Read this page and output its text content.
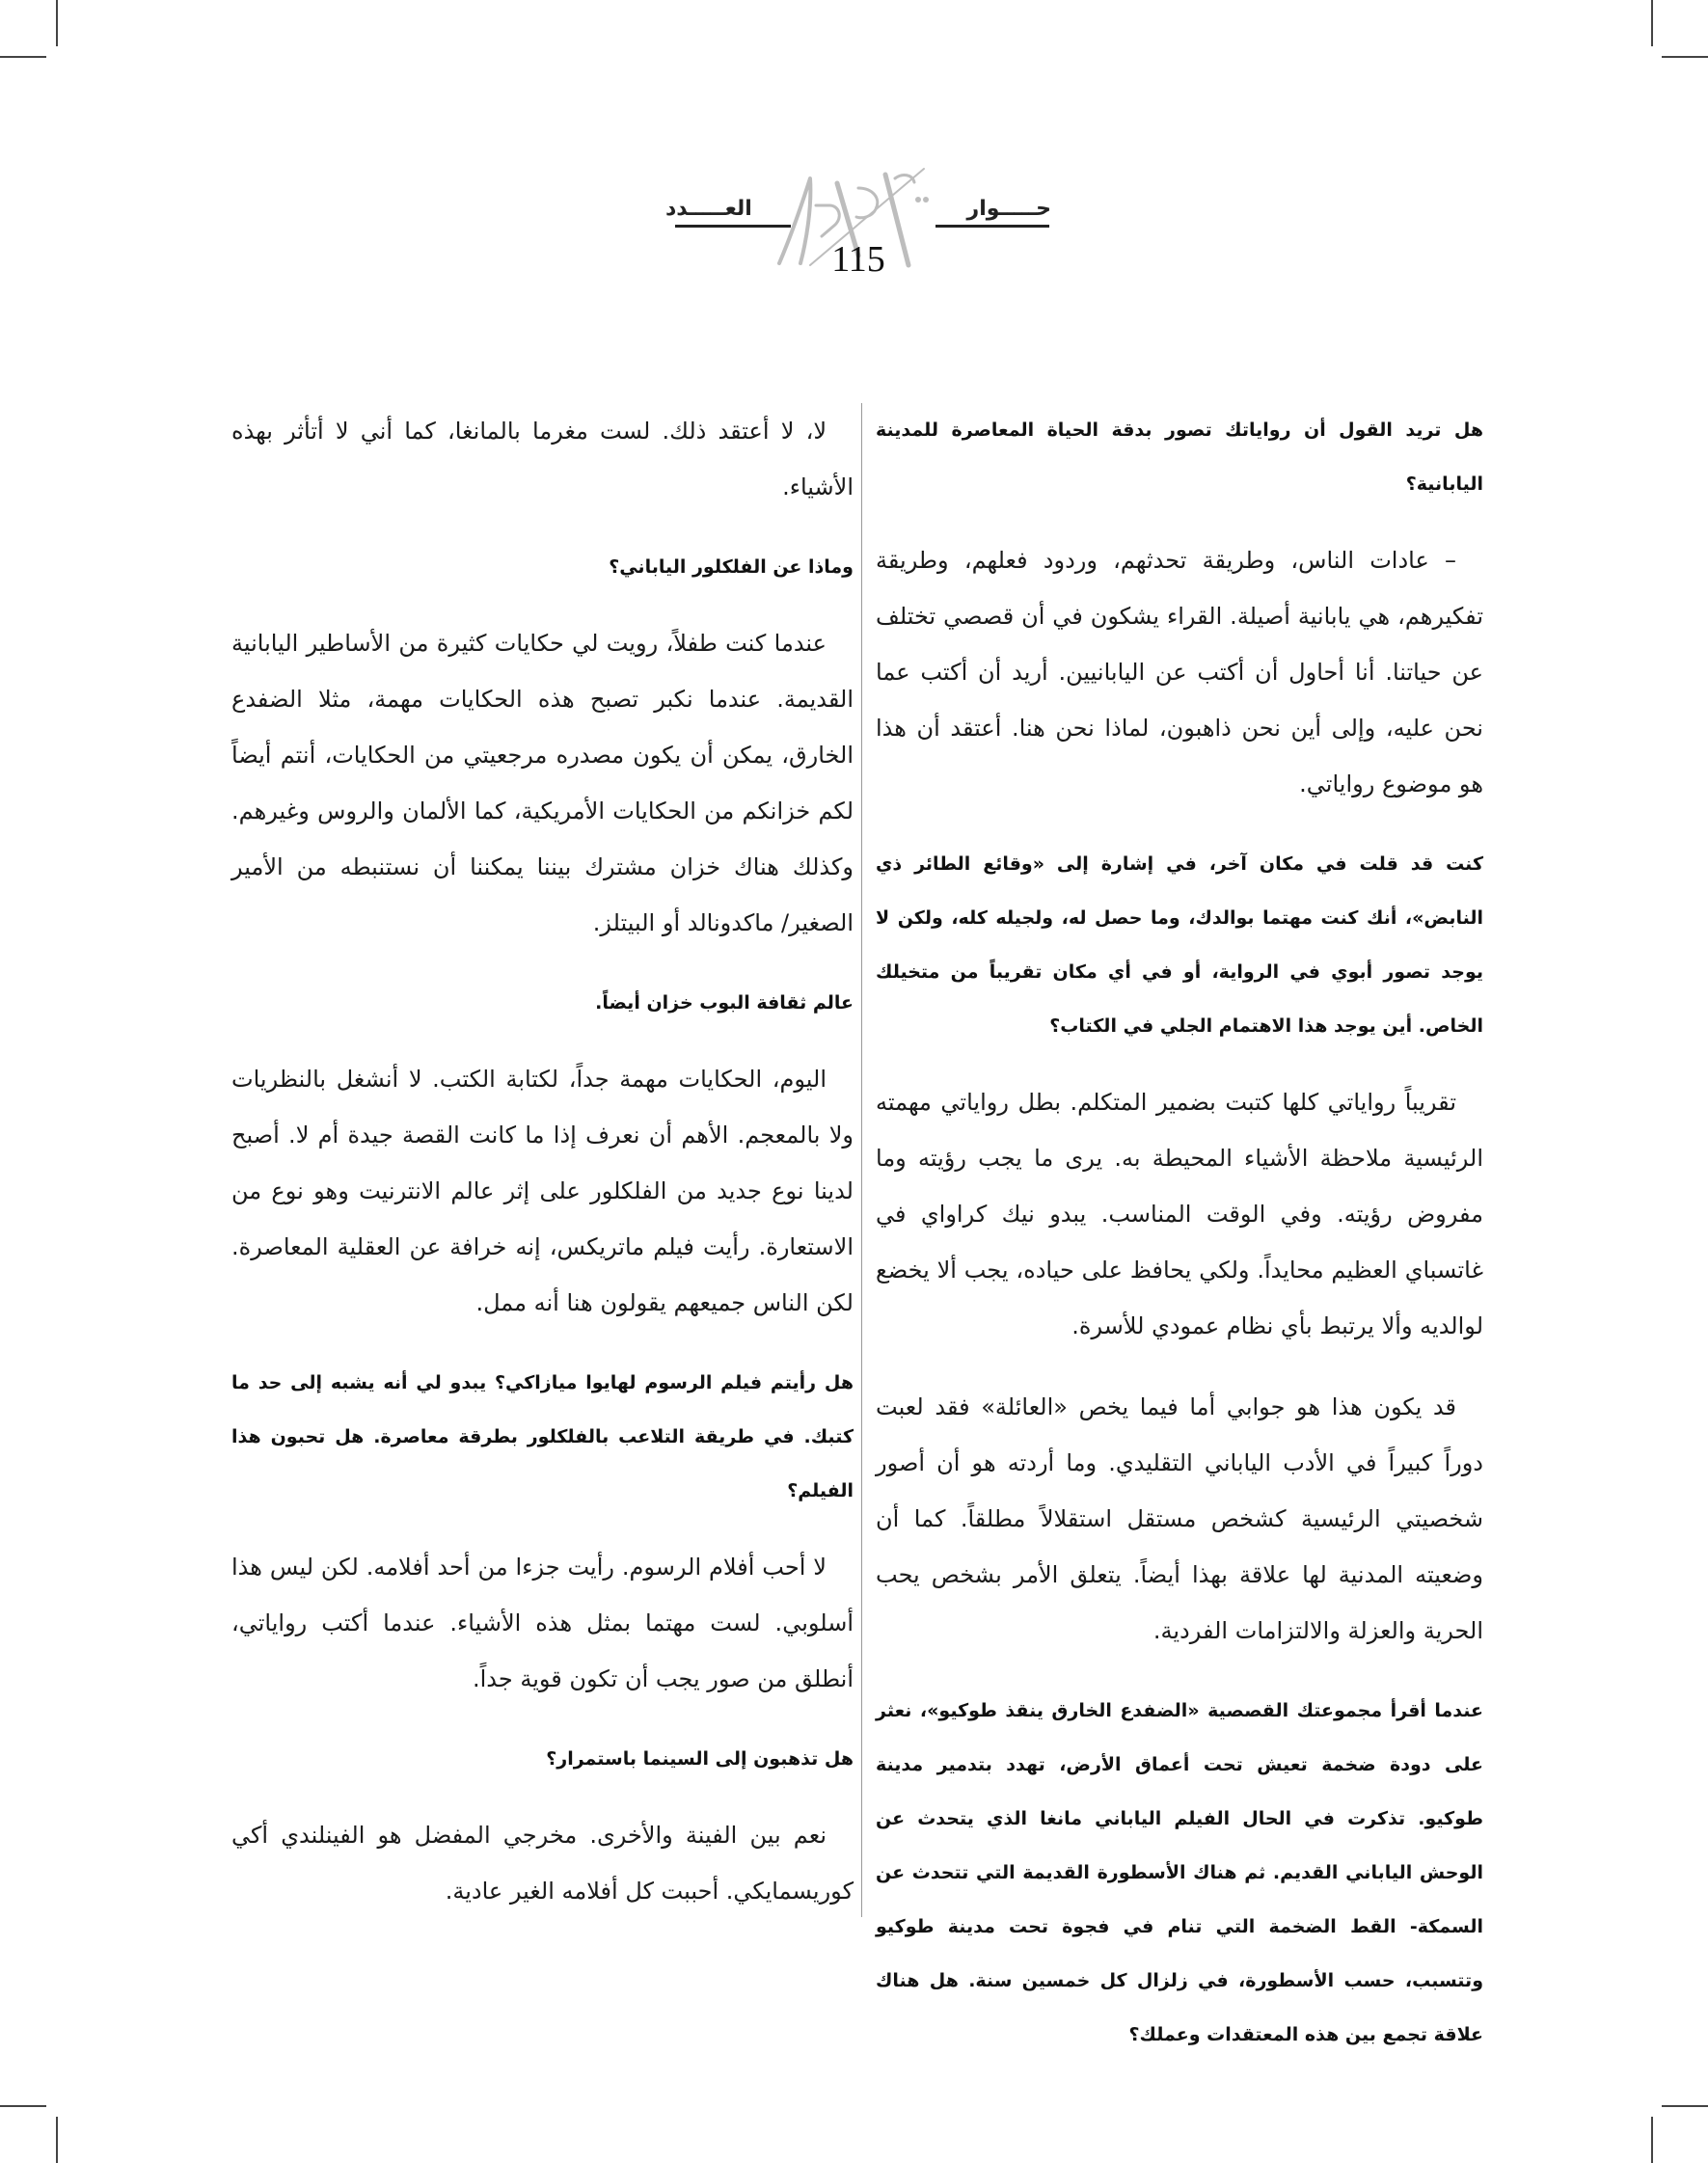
العـــــدد	حـــــوار
115

هل تريد القول أن رواياتك تصور بدقة الحياة المعاصرة للمدينة اليابانية؟

– عادات الناس، وطريقة تحدثهم، وردود فعلهم، وطريقة تفكيرهم، هي يابانية أصيلة. القراء يشكون في أن قصصي تختلف عن حياتنا. أنا أحاول أن أكتب عن اليابانيين. أريد أن أكتب عما نحن عليه، وإلى أين نحن ذاهبون، لماذا نحن هنا. أعتقد أن هذا هو موضوع رواياتي.

كنت قد قلت في مكان آخر، في إشارة إلى «وقائع الطائر ذي النابض»، أنك كنت مهتما بوالدك، وما حصل له، ولجيله كله، ولكن لا يوجد تصور أبوي في الرواية، أو في أي مكان تقريباً من متخيلك الخاص. أين يوجد هذا الاهتمام الجلي في الكتاب؟

تقريباً رواياتي كلها كتبت بضمير المتكلم. بطل رواياتي مهمته الرئيسية ملاحظة الأشياء المحيطة به. يرى ما يجب رؤيته وما مفروض رؤيته. وفي الوقت المناسب. يبدو نيك كراواي في غاتسباي العظيم محايداً. ولكي يحافظ على حياده، يجب ألا يخضع لوالديه وألا يرتبط بأي نظام عمودي للأسرة.

قد يكون هذا هو جوابي أما فيما يخص «العائلة» فقد لعبت دوراً كبيراً في الأدب الياباني التقليدي. وما أردته هو أن أصور شخصيتي الرئيسية كشخص مستقل استقلالاً مطلقاً. كما أن وضعيته المدنية لها علاقة بهذا أيضاً. يتعلق الأمر بشخص يحب الحرية والعزلة والالتزامات الفردية.

عندما أقرأ مجموعتك القصصية «الضفدع الخارق ينقذ طوكيو»، نعثر على دودة ضخمة تعيش تحت أعماق الأرض، تهدد بتدمير مدينة طوكيو. تذكرت في الحال الفيلم الياباني مانغا الذي يتحدث عن الوحش الياباني القديم. ثم هناك الأسطورة القديمة التي تتحدث عن السمكة- القط الضخمة التي تنام في فجوة تحت مدينة طوكيو وتتسبب، حسب الأسطورة، في زلزال كل خمسين سنة. هل هناك علاقة تجمع بين هذه المعتقدات وعملك؟

لا، لا أعتقد ذلك. لست مغرما بالمانغا، كما أني لا أتأثر بهذه الأشياء.

وماذا عن الفلكلور الياباني؟

عندما كنت طفلاً، رويت لي حكايات كثيرة من الأساطير اليابانية القديمة. عندما نكبر تصبح هذه الحكايات مهمة، مثلا الضفدع الخارق، يمكن أن يكون مصدره مرجعيتي من الحكايات، أنتم أيضاً لكم خزانكم من الحكايات الأمريكية، كما الألمان والروس وغيرهم. وكذلك هناك خزان مشترك بيننا يمكننا أن نستنبطه من الأمير الصغير/ ماكدونالد أو البيتلز.

عالم ثقافة البوب خزان أيضاً.

اليوم، الحكايات مهمة جداً، لكتابة الكتب. لا أنشغل بالنظريات ولا بالمعجم. الأهم أن نعرف إذا ما كانت القصة جيدة أم لا. أصبح لدينا نوع جديد من الفلكلور على إثر عالم الانترنيت وهو نوع من الاستعارة. رأيت فيلم ماتريكس، إنه خرافة عن العقلية المعاصرة. لكن الناس جميعهم يقولون هنا أنه ممل.

هل رأيتم فيلم الرسوم لهايوا ميازاكي؟ يبدو لي أنه يشبه إلى حد ما كتبك. في طريقة التلاعب بالفلكلور بطرقة معاصرة. هل تحبون هذا الفيلم؟

لا أحب أفلام الرسوم. رأيت جزءا من أحد أفلامه. لكن ليس هذا أسلوبي. لست مهتما بمثل هذه الأشياء. عندما أكتب رواياتي، أنطلق من صور يجب أن تكون قوية جداً.

هل تذهبون إلى السينما باستمرار؟

نعم بين الفينة والأخرى. مخرجي المفضل هو الفينلندي أكي كوريسمايكي. أحببت كل أفلامه الغير عادية.
